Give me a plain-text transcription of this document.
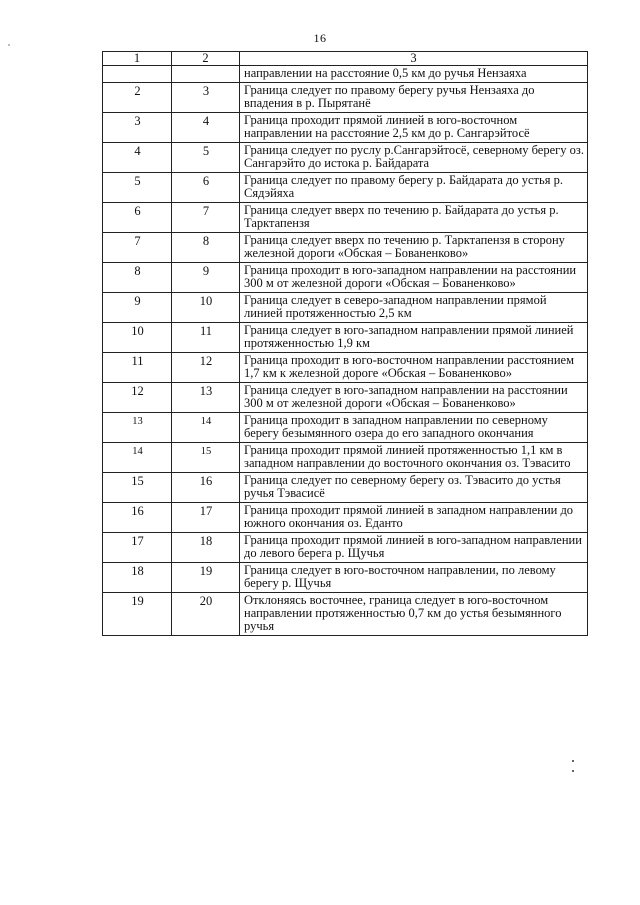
16
1	2	3
		направлении на расстояние 0,5 км до ручья Нензаяха
2	3	Граница следует по правому берегу ручья Нензаяха до впадения в р. Пырятанё
3	4	Граница проходит прямой линией в юго-восточном направлении на расстояние 2,5 км до р. Сангарэйтосё
4	5	Граница следует по руслу р.Сангарэйтосё, северному берегу оз. Сангарэйто до истока р. Байдарата
5	6	Граница следует по правому берегу р. Байдарата до устья р. Сядэйяха
6	7	Граница следует вверх по течению р. Байдарата до устья р. Тарктапензя
7	8	Граница следует вверх по течению р. Тарктапензя в сторону железной дороги «Обская – Бованенково»
8	9	Граница проходит в юго-западном направлении на расстоянии 300 м от железной дороги «Обская – Бованенково»
9	10	Граница следует в северо-западном направлении прямой линией протяженностью 2,5 км
10	11	Граница следует в юго-западном направлении прямой линией протяженностью 1,9 км
11	12	Граница проходит в юго-восточном направлении расстоянием 1,7 км к железной дороге «Обская – Бованенково»
12	13	Граница следует в юго-западном направлении на расстоянии 300 м от железной дороги «Обская – Бованенково»
13	14	Граница проходит в западном направлении по северному берегу безымянного озера до его западного окончания
14	15	Граница проходит прямой линией протяженностью 1,1 км в западном направлении до восточного окончания оз. Тэвасито
15	16	Граница следует по северному берегу оз. Тэвасито до устья ручья Тэвасисё
16	17	Граница проходит прямой линией в западном направлении до южного окончания оз. Еданто
17	18	Граница проходит прямой линией в юго-западном направлении до левого берега р. Щучья
18	19	Граница следует в юго-восточном направлении, по левому берегу р. Щучья
19	20	Отклоняясь восточнее, граница следует в юго-восточном направлении протяженностью 0,7 км до устья безымянного ручья
